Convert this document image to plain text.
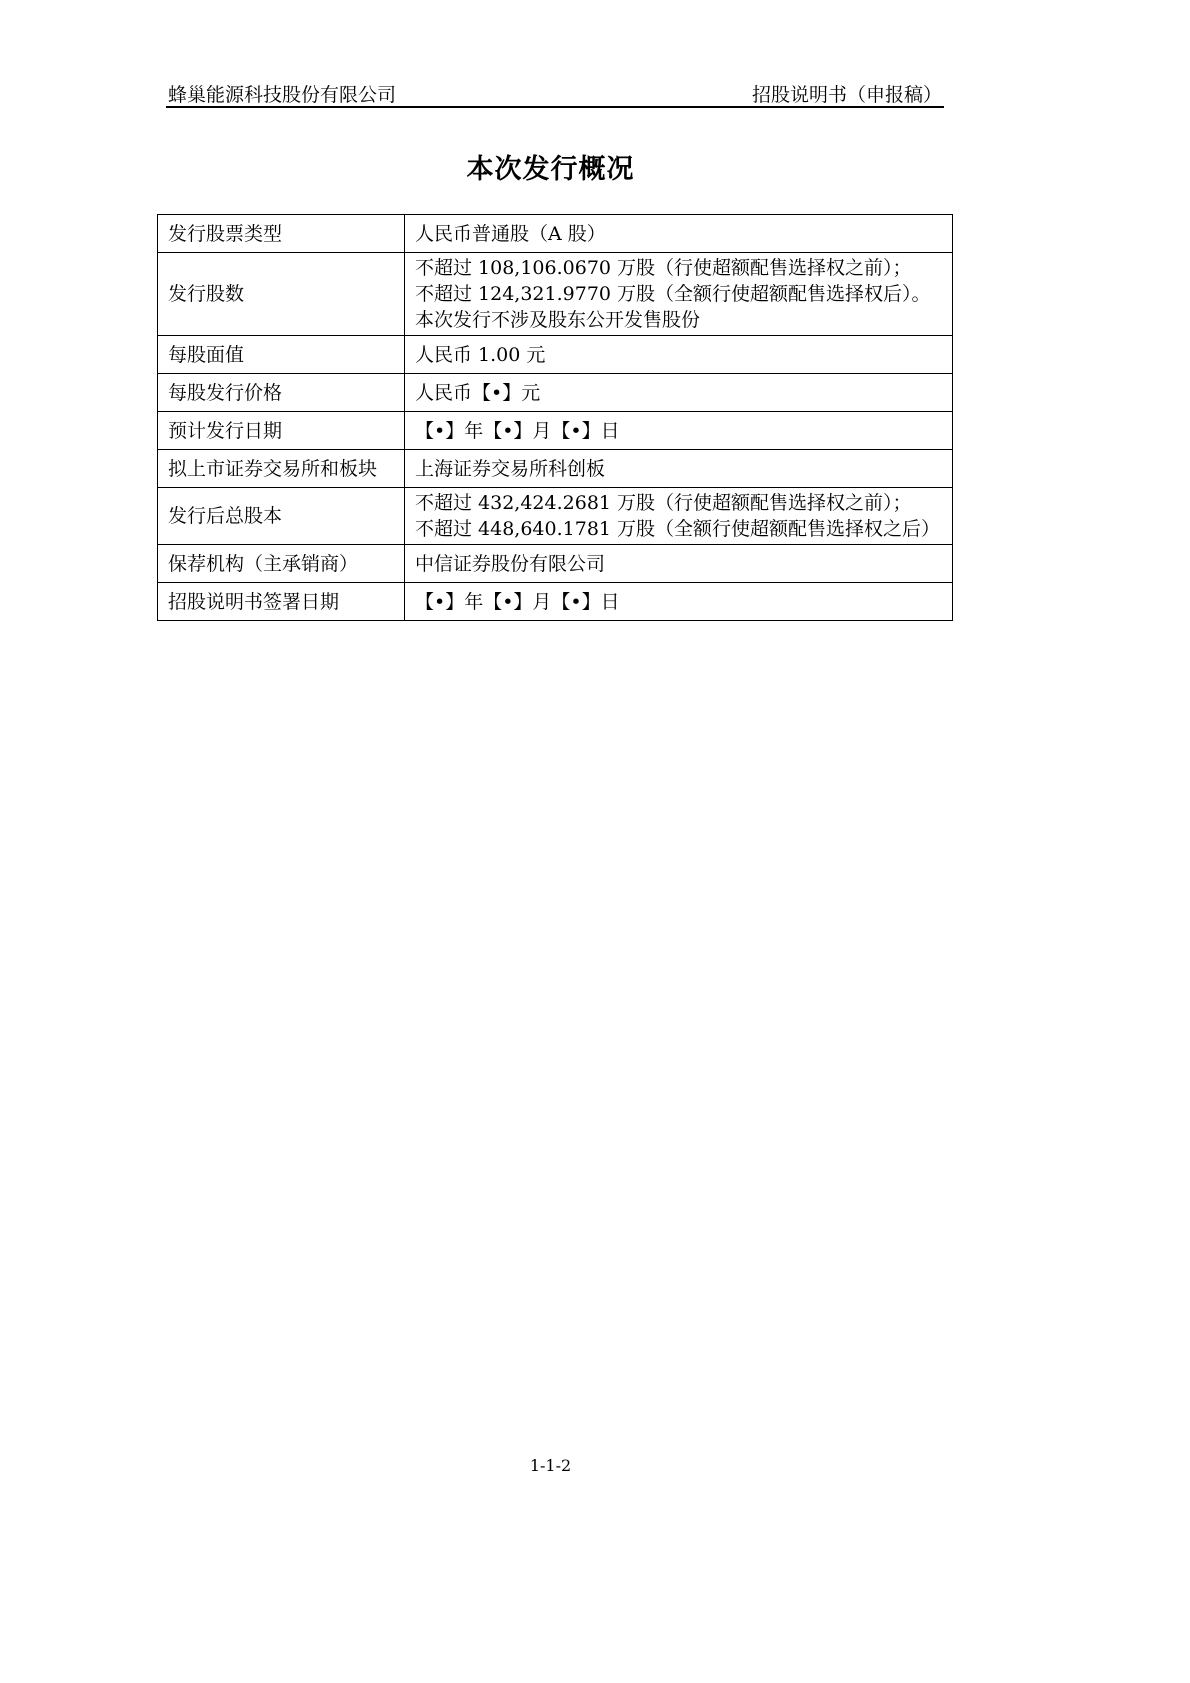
蜂巢能源科技股份有限公司	招股说明书（申报稿）
本次发行概况
发行股票类型	人民币普通股（A 股）

发行股数	不超过 108,106.0670 万股（行使超额配售选择权之前）；
不超过 124,321.9770 万股（全额行使超额配售选择权后）。
本次发行不涉及股东公开发售股份

每股面值	人民币 1.00 元

每股发行价格	人民币【•】元

预计发行日期	【•】年【•】月【•】日

拟上市证券交易所和板块	上海证券交易所科创板

发行后总股本	不超过 432,424.2681 万股（行使超额配售选择权之前）；
不超过 448,640.1781 万股（全额行使超额配售选择权之后）

保荐机构（主承销商）	中信证券股份有限公司

招股说明书签署日期	【•】年【•】月【•】日
1-1-2
